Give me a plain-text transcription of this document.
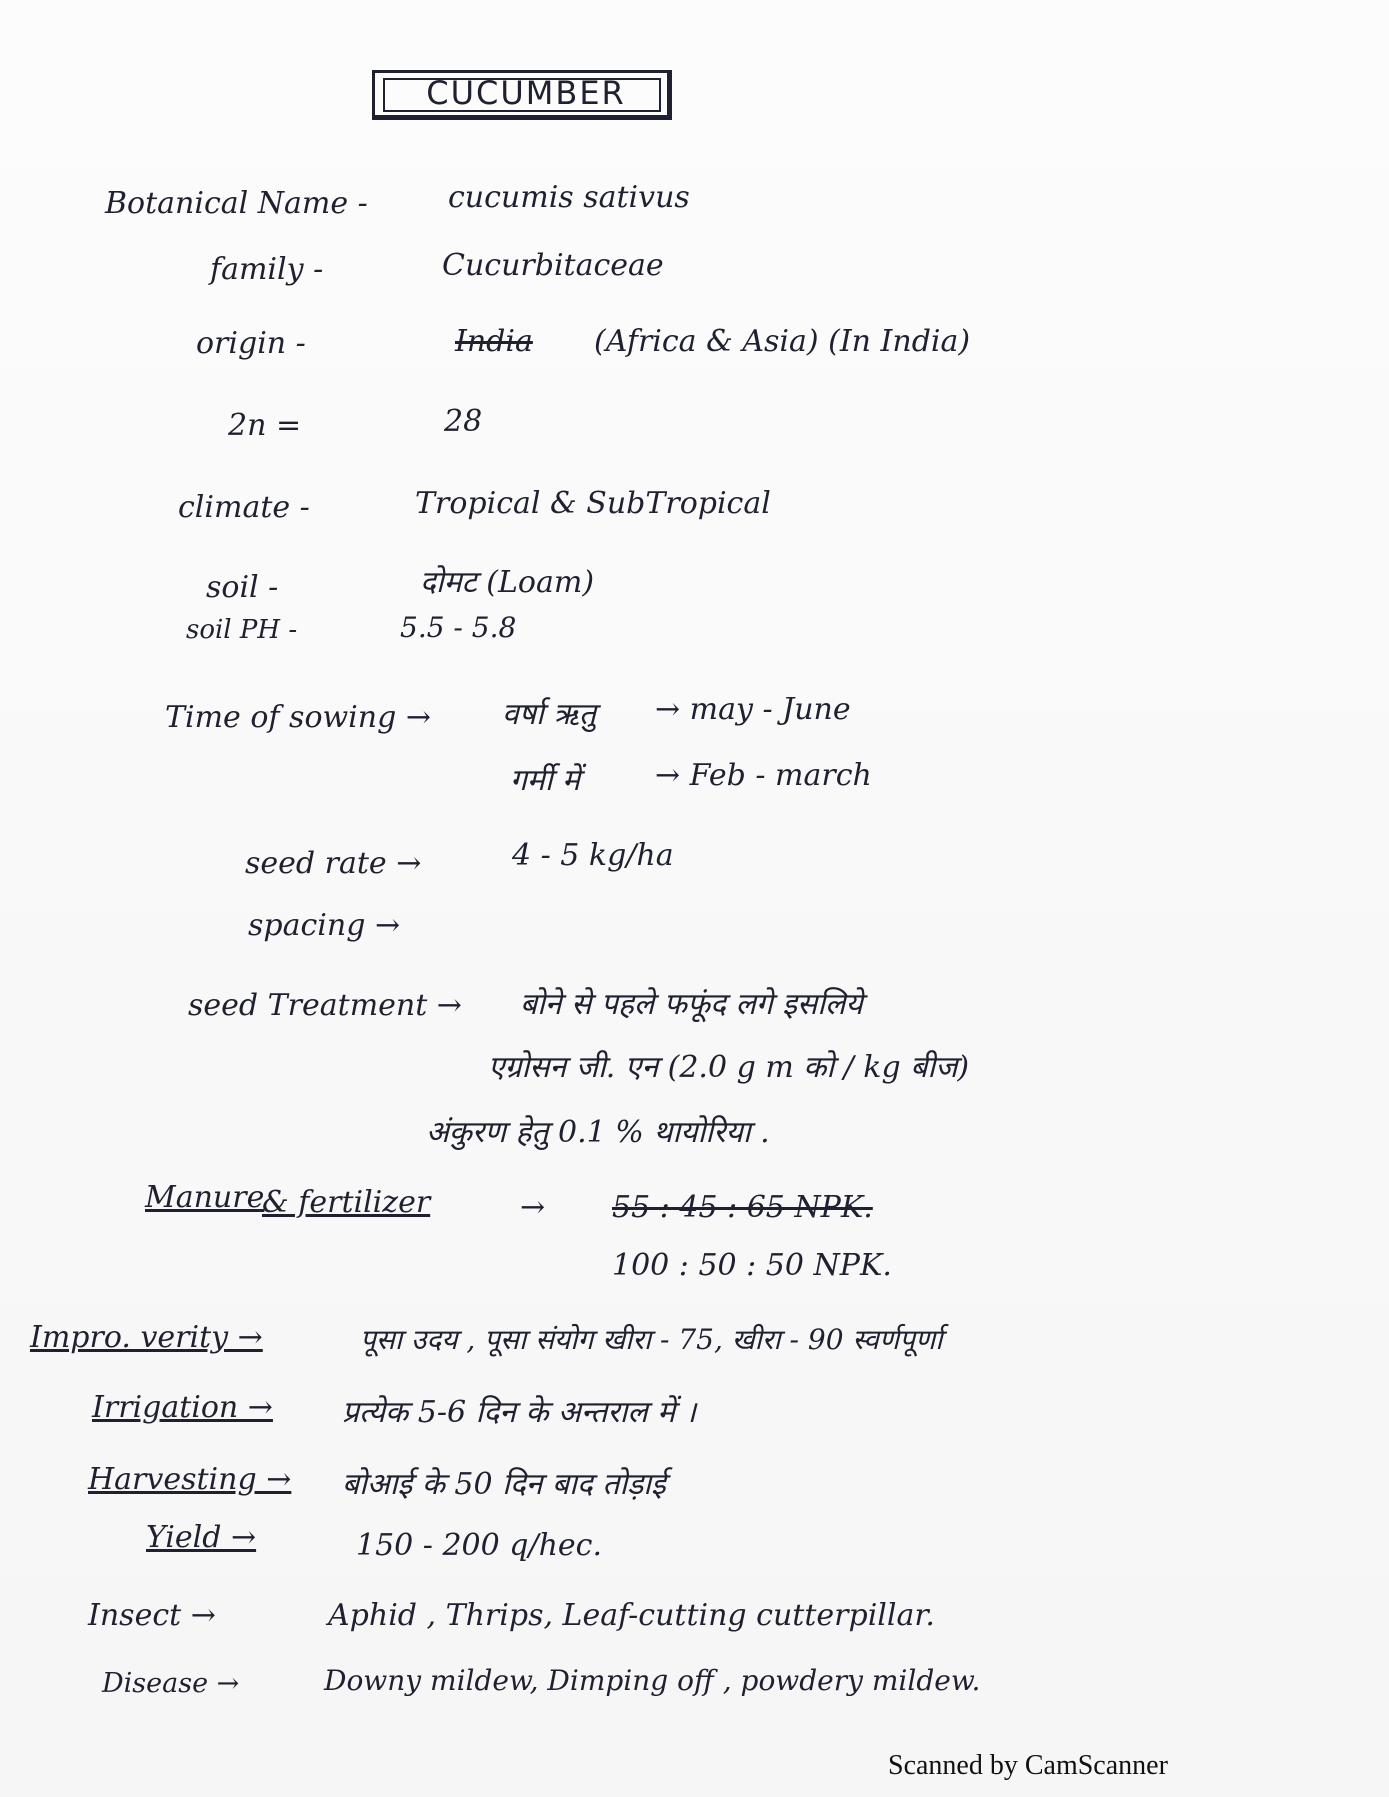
CUCUMBER
Botanical Name -	cucumis sativus
family -	Cucurbitaceae
origin -	India (Africa & Asia) (In India)
2n =	28
climate -	Tropical & SubTropical
soil -	दोमट (Loam)
soil PH -	5.5 - 5.8
Time of sowing → वर्षा ऋतु → may - June
गर्मी में → Feb - march
seed rate →	4 - 5 kg/ha
spacing →
seed Treatment → बोने से पहले फफूंद लगे इसलिये
एग्रोसन जी. एन (2.0 g m को / kg बीज)
अंकुरण हेतु 0.1 % थायोरिया .
Manure
& fertilizer	→ 55 : 45 : 65 NPK.
100 : 50 : 50 NPK.
Impro. verity →	पूसा उदय , पूसा संयोग खीरा - 75, खीरा - 90 स्वर्णपूर्णा
Irrigation → प्रत्येक 5-6 दिन के अन्तराल में ।
Harvesting → बोआई के 50 दिन बाद तोड़ाई
Yield →	150 - 200 q/hec.
Insect →	Aphid , Thrips, Leaf-cutting cutterpillar.
Disease →	Downy mildew, Dimping off , powdery mildew.
Scanned by CamScanner
